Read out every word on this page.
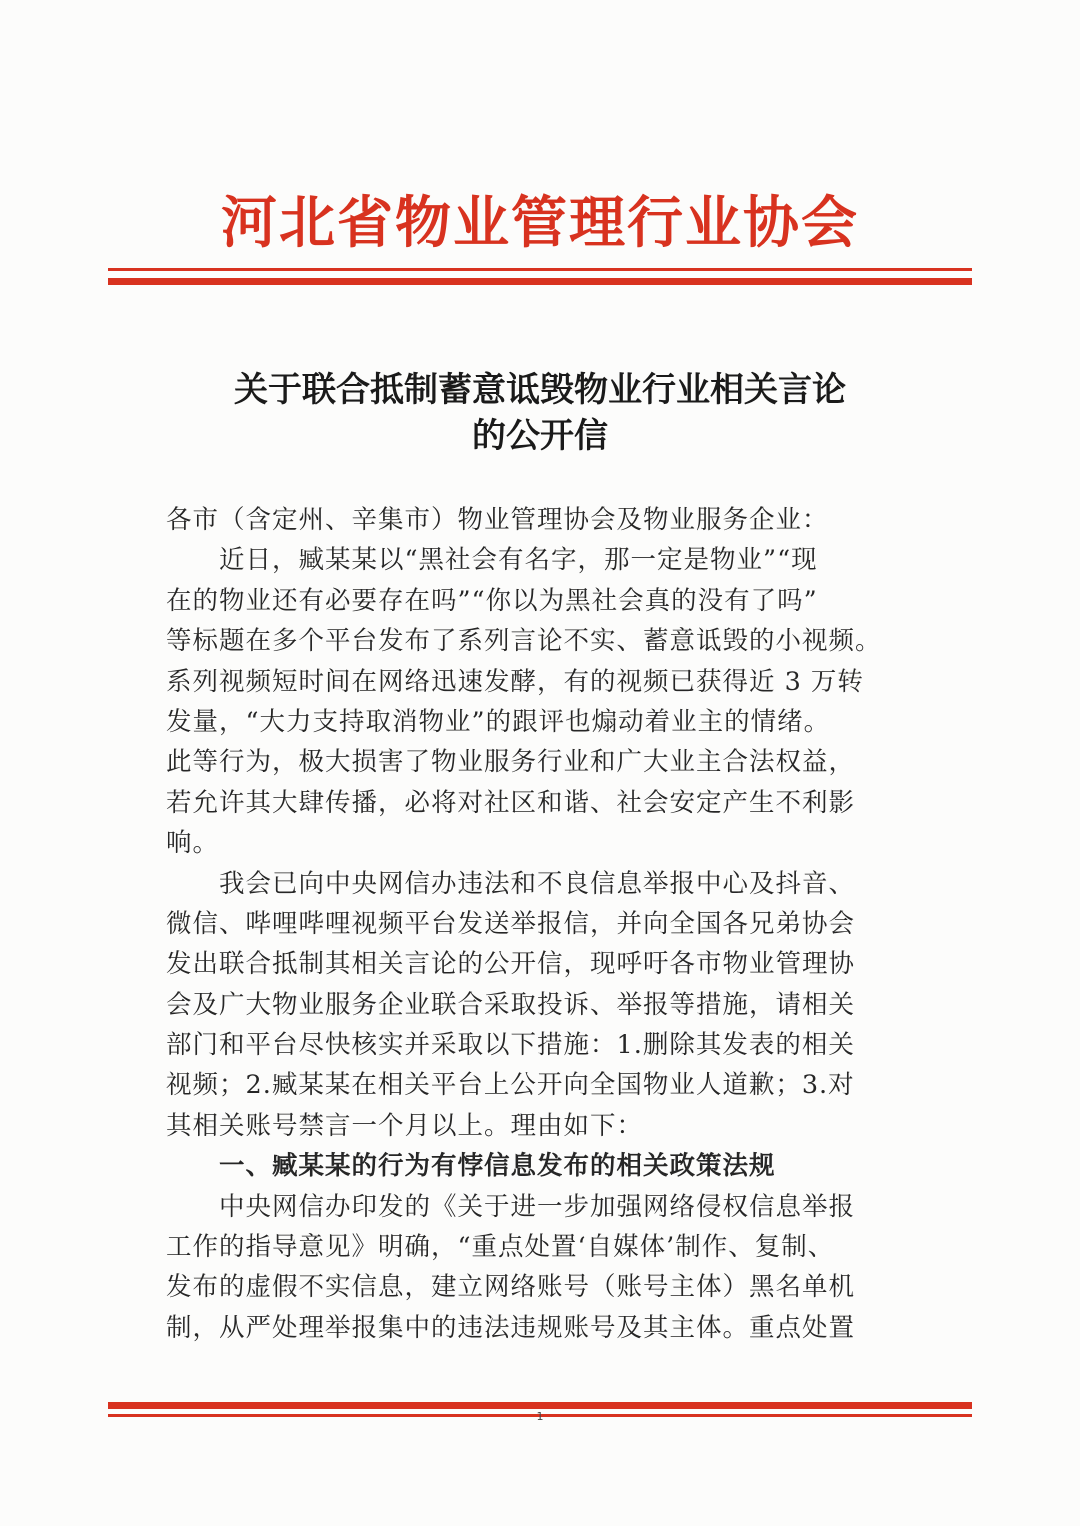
河北省物业管理行业协会
关于联合抵制蓄意诋毁物业行业相关言论
的公开信
各市（含定州、辛集市）物业管理协会及物业服务企业：
　　近日，臧某某以“黑社会有名字，那一定是物业”“现
在的物业还有必要存在吗”“你以为黑社会真的没有了吗”
等标题在多个平台发布了系列言论不实、蓄意诋毁的小视频。
系列视频短时间在网络迅速发酵，有的视频已获得近 3 万转
发量，“大力支持取消物业”的跟评也煽动着业主的情绪。
此等行为，极大损害了物业服务行业和广大业主合法权益，
若允许其大肆传播，必将对社区和谐、社会安定产生不利影
响。
　　我会已向中央网信办违法和不良信息举报中心及抖音、
微信、哔哩哔哩视频平台发送举报信，并向全国各兄弟协会
发出联合抵制其相关言论的公开信，现呼吁各市物业管理协
会及广大物业服务企业联合采取投诉、举报等措施，请相关
部门和平台尽快核实并采取以下措施：1.删除其发表的相关
视频；2.臧某某在相关平台上公开向全国物业人道歉；3.对
其相关账号禁言一个月以上。理由如下：
　　一、臧某某的行为有悖信息发布的相关政策法规
　　中央网信办印发的《关于进一步加强网络侵权信息举报
工作的指导意见》明确，“重点处置‘自媒体’制作、复制、
发布的虚假不实信息，建立网络账号（账号主体）黑名单机
制，从严处理举报集中的违法违规账号及其主体。重点处置
1
